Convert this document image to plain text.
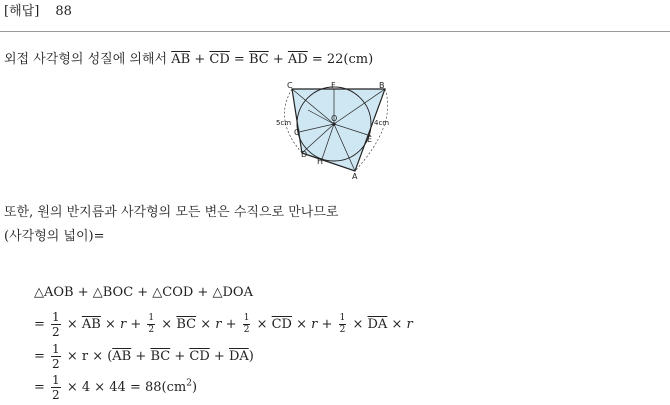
[해답] 88
외접 사각형의 성질에 의해서 $\overline{AB} + \overline{CD} = \overline{BC} + \overline{AD} = 22(cm)$
C	F	B
O
G
E
D
H
A
5cm	4cm
또한, 원의 반지름과 사각형의 모든 변은 수직으로 만나므로
(사각형의 넓이)=
△AOB + △BOC + △COD + △DOA
= $\frac{1}{2} \times \overline{AB} \times r + \frac{1}{2} \times \overline{BC} \times r + \frac{1}{2} \times \overline{CD} \times r + \frac{1}{2} \times \overline{DA} \times r$
= $\frac{1}{2} \times r \times (\overline{AB} + \overline{BC} + \overline{CD} + \overline{DA})$
= $\frac{1}{2} \times 4 \times 44 = 88(cm^2)$
